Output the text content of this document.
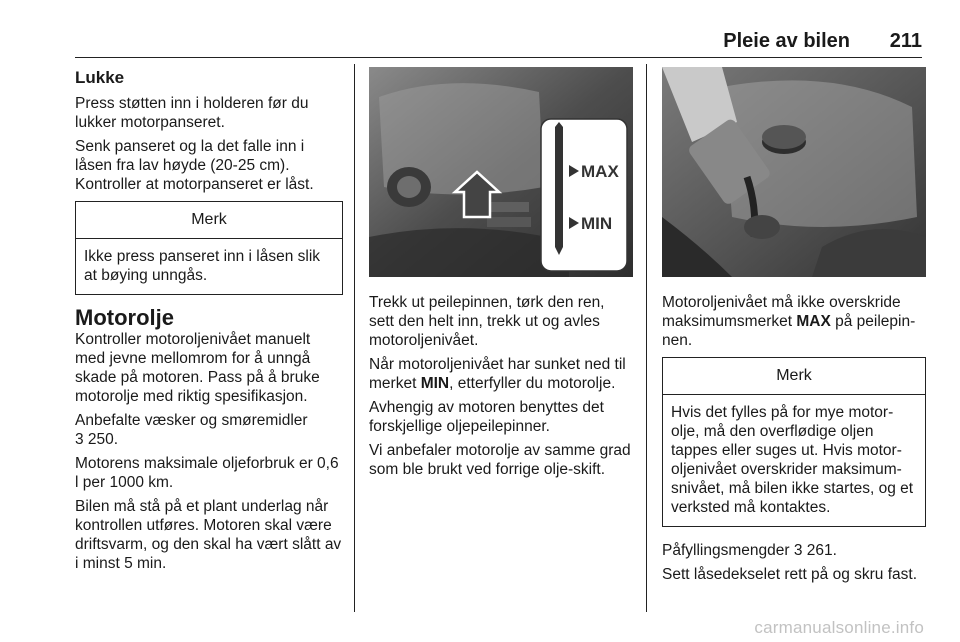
Pleie av bilen 211
Lukke

Press støtten inn i holderen før du lukker motorpanseret.

Senk panseret og la det falle inn i låsen fra lav høyde (20-25 cm). Kontroller at motorpanseret er låst.

Merk
Ikke press panseret inn i låsen slik at bøying unngås.
Motorolje

Kontroller motoroljenivået manuelt med jevne mellomrom for å unngå skade på motoren. Pass på å bruke motorolje med riktig spesifikasjon.

Anbefalte væsker og smøremidler
3 250.

Motorens maksimale oljeforbruk er 0,6 l per 1000 km.

Bilen må stå på et plant underlag når kontrollen utføres. Motoren skal være driftsvarm, og den skal ha vært slått av i minst 5 min.

MAX
MIN

Trekk ut peilepinnen, tørk den ren, sett den helt inn, trekk ut og avles motoroljenivået.

Når motoroljenivået har sunket ned til merket MIN, etterfyller du motorolje.

Avhengig av motoren benyttes det forskjellige oljepeilepinner.

Vi anbefaler motorolje av samme grad som ble brukt ved forrige olje-skift.

Motoroljenivået må ikke overskride maksimumsmerket MAX på peilepin-nen.

Merk
Hvis det fylles på for mye motor-olje, må den overflødige oljen tappes eller suges ut. Hvis motor-oljenivået overskrider maksimum-snivået, må bilen ikke startes, og et verksted må kontaktes.

Påfyllingsmengder 3 261.

Sett låsedekselet rett på og skru fast.

carmanualsonline.info
